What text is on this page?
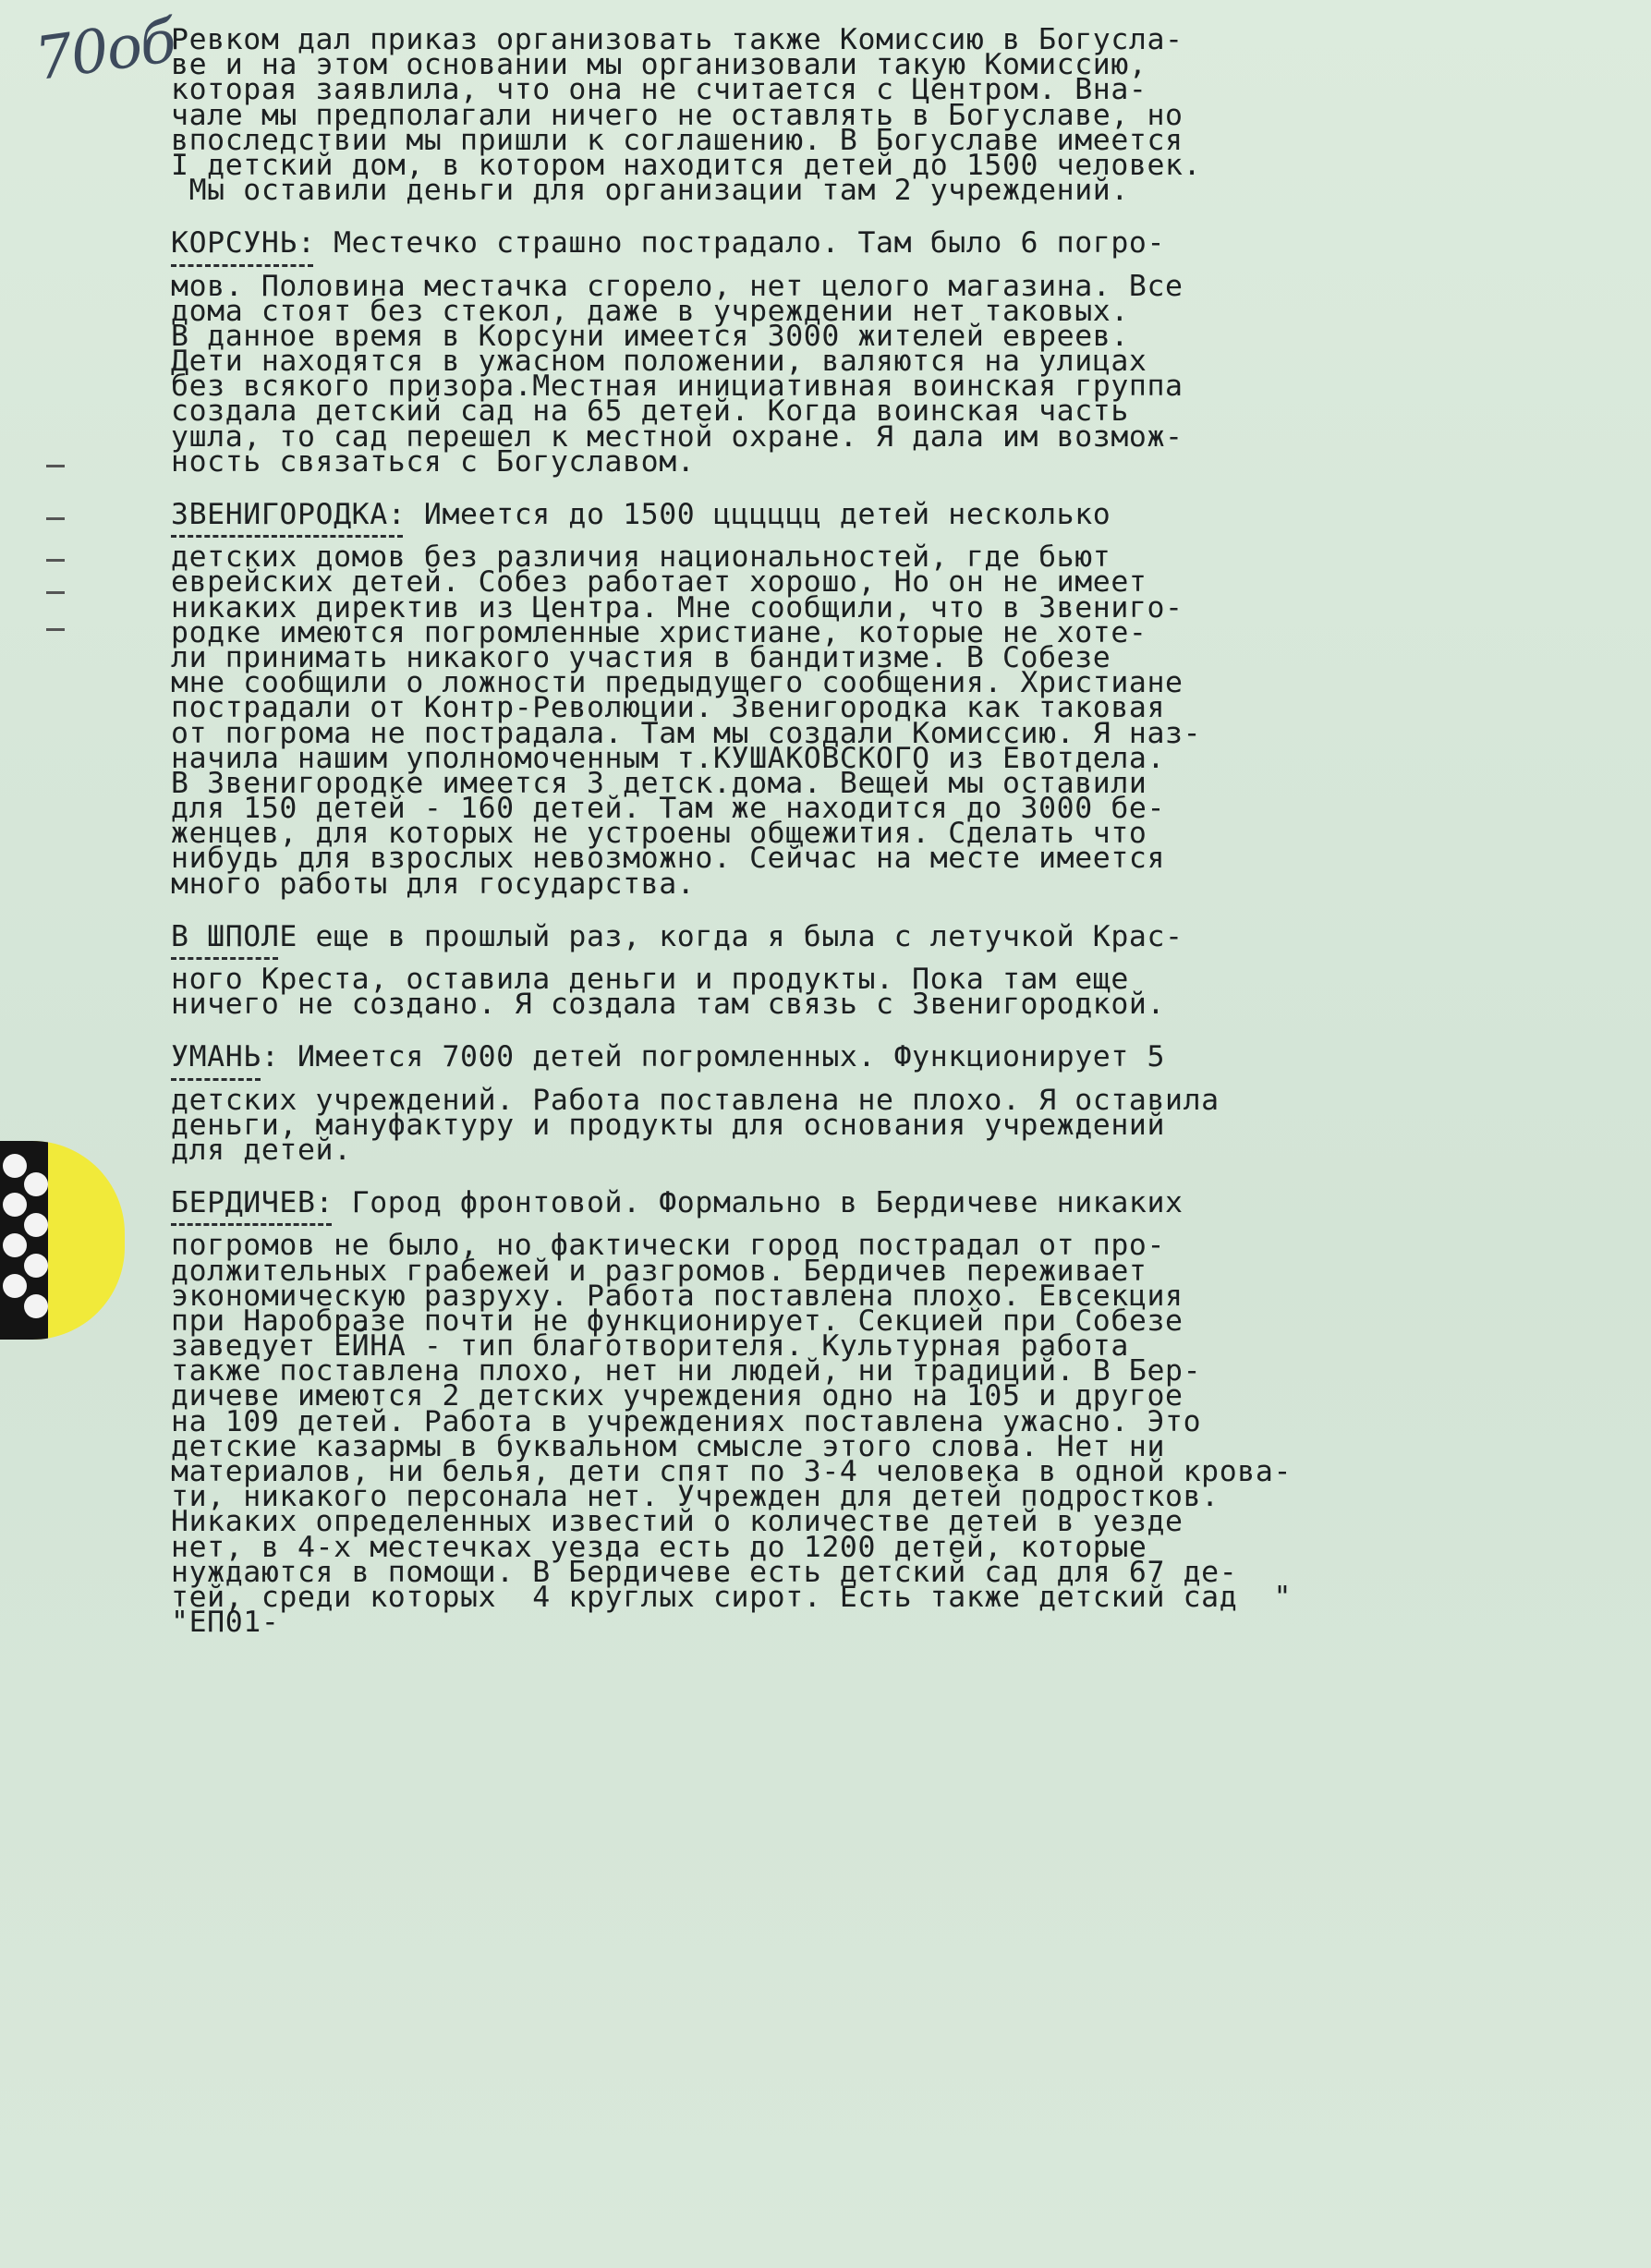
70об
Ревком дал приказ организовать также Комиссию в Богусла-
ве и на этом основании мы организовали такую Комиссию,
которая заявлила, что она не считается с Центром. Вна-
чале мы предполагали ничего не оставлять в Богуславе, но
впоследствии мы пришли к соглашению. В Богуславе имеется
I детский дом, в котором находится детей до 1500 человек.
Мы оставили деньги для организации там 2 учреждений.
КОРСУНЬ: Местечко страшно пострадало. Там было 6 погро-
мов. Половина местачка сгорело, нет целого магазина. Все
дома стоят без стекол, даже в учреждении нет таковых.
В данное время в Корсуни имеется 3000 жителей евреев.
Дети находятся в ужасном положении, валяются на улицах
без всякого призора.Местная инициативная воинская группа
создала детский сад на 65 детей. Когда воинская часть
ушла, то сад перешел к местной охране. Я дала им возмож-
ность связаться с Богуславом.
ЗВЕНИГОРОДКА: Имеется до 1500 цццццц детей несколько
детских домов без различия национальностей, где бьют
еврейских детей. Собез работает хорошо, Но он не имеет
никаких директив из Центра. Мне сообщили, что в Звениго-
родке имеются погромленные христиане, которые не хоте-
ли принимать никакого участия в бандитизме. В Собезе
мне сообщили о ложности предыдущего сообщения. Христиане
пострадали от Контр-Революции. Звенигородка как таковая
от погрома не пострадала. Там мы создали Комиссию. Я наз-
начила нашим уполномоченным т.КУШАКОВСКОГО из Евотдела.
В Звенигородке имеется 3 детск.дома. Вещей мы оставили
для 150 детей - 160 детей. Там же находится до 3000 бе-
женцев, для которых не устроены общежития. Сделать что
нибудь для взрослых невозможно. Сейчас на месте имеется
много работы для государства.
В ШПОЛЕ еще в прошлый раз, когда я была с летучкой Крас-
ного Креста, оставила деньги и продукты. Пока там еще
ничего не создано. Я создала там связь с Звенигородкой.
УМАНЬ: Имеется 7000 детей погромленных. Функционирует 5
детских учреждений. Работа поставлена не плохо. Я оставила
деньги, мануфактуру и продукты для основания учреждений
для детей.
БЕРДИЧЕВ: Город фронтовой. Формально в Бердичеве никаких
погромов не было, но фактически город пострадал от про-
должительных грабежей и разгромов. Бердичев переживает
экономическую разруху. Работа поставлена плохо. Евсекция
при Наробразе почти не функционирует. Секцией при Собезе
заведует ЕЙНА - тип благотворителя. Культурная работа
также поставлена плохо, нет ни людей, ни традиций. В Бер-
дичеве имеются 2 детских учреждения одно на 105 и другое
на 109 детей. Работа в учреждениях поставлена ужасно. Это
детские казармы в буквальном смысле этого слова. Нет ни
материалов, ни белья, дети спят по 3-4 человека в одной крова-
ти, никакого персонала нет. Учрежден для детей подростков.
Никаких определенных известий о количестве детей в уезде
нет, в 4-х местечках уезда есть до 1200 детей, которые
нуждаются в помощи. В Бердичеве есть детский сад для 67 де-
тей, среди которых  4 круглых сирот. Есть также детский сад  "
"ЕП01-
